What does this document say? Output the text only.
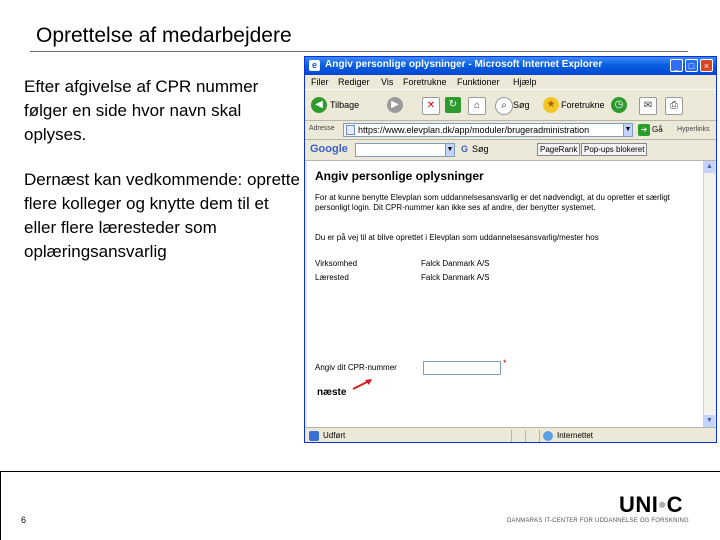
Oprettelse af medarbejdere
Efter afgivelse af CPR nummer følger en side hvor navn skal oplyses.
Dernæst kan vedkommende: oprette flere kolleger og knytte dem til et eller flere læresteder som oplæringsansvarlig
e Angiv personlige oplysninger - Microsoft Internet Explorer	_	□	×
Filer Rediger Vis Foretrukne Funktioner Hjælp
◀ Tilbage	▶	✕	↻	⌂	⌕ Søg	★ Foretrukne	◷	✉	⎙
Adresse	https://www.elevplan.dk/app/moduler/brugeradministration	▼	➜ Gå Hyperlinks
Google	▼ G Søg	PageRank Pop-ups blokeret
Angiv personlige oplysninger
For at kunne benytte Elevplan som uddannelsesansvarlig er det nødvendigt, at du opretter et særligt personligt login. Dit CPR-nummer kan ikke ses af andre, der benytter systemet.
Du er på vej til at blive oprettet i Elevplan som uddannelsesansvarlig/mester hos
Virksomhed	Falck Danmark A/S
Lærested	Falck Danmark A/S
Angiv dit CPR-nummer	*
næste
▲
▼
Udført	Internettet
6
UNI•C
DANMARKS IT-CENTER FOR UDDANNELSE OG FORSKNING
